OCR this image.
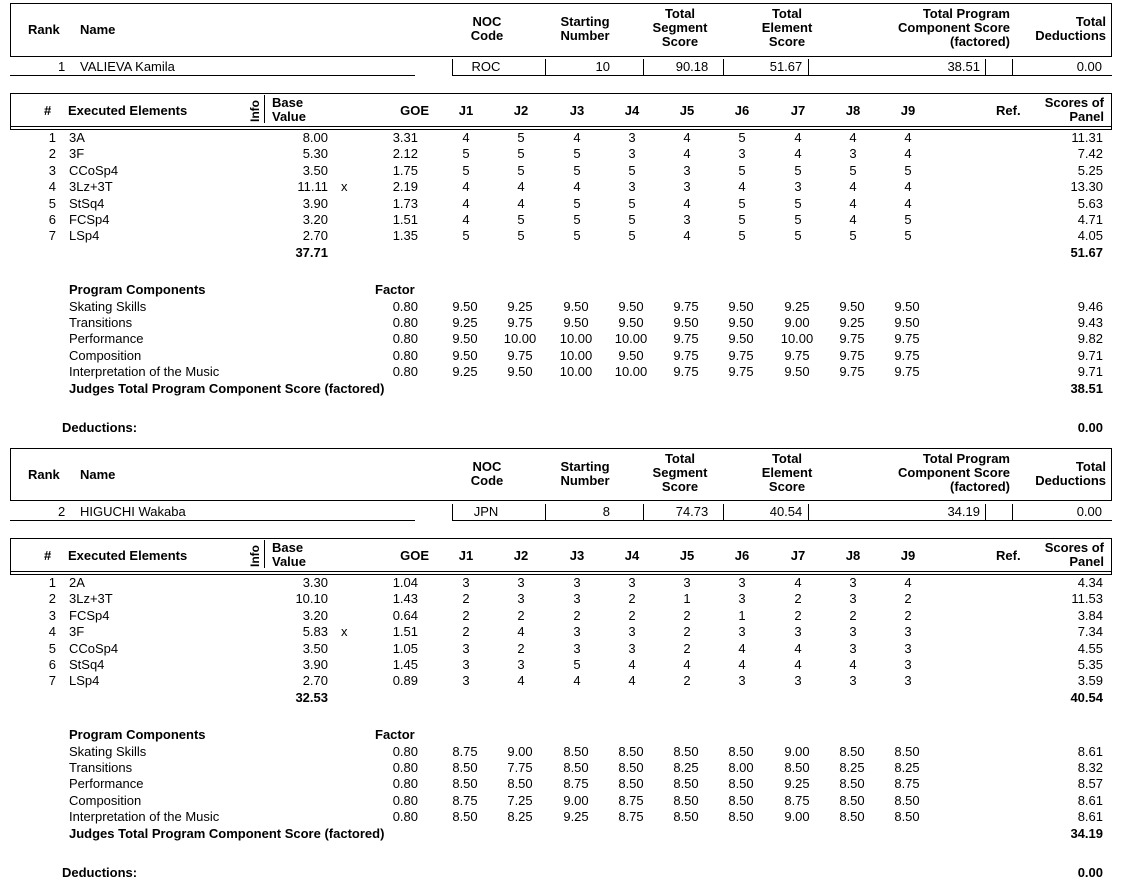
Rank	Name
NOC
Code
Starting
Number
Total
Segment
Score
Total
Element
Score
Total Program
Component Score
(factored)
Total
Deductions
1 VALIEVA Kamila	ROC	10	90.18	51.67	38.51	0.00
# Executed Elements	Info Base
Value	GOE	J1	J2	J3	J4	J5	J6	J7	J8	J9	Ref.
Scores of
Panel
1 3A	8.00	3.31	4	5	4	3	4	5	4	4	4	11.31
2 3F	5.30	2.12	5	5	5	3	4	3	4	3	4	7.42
3 CCoSp4	3.50	1.75	5	5	5	5	3	5	5	5	5	5.25
4 3Lz+3T	11.11 x	2.19	4	4	4	3	3	4	3	4	4	13.30
5 StSq4	3.90	1.73	4	4	5	5	4	5	5	4	4	5.63
6 FCSp4	3.20	1.51	4	5	5	5	3	5	5	4	5	4.71
7 LSp4	2.70	1.35	5	5	5	5	4	5	5	5	5	4.05
37.71	51.67
Program Components	Factor
Skating Skills	0.80	9.50	9.25	9.50	9.50	9.75	9.50	9.25	9.50	9.50	9.46
Transitions	0.80	9.25	9.75	9.50	9.50	9.50	9.50	9.00	9.25	9.50	9.43
Performance	0.80	9.50	10.00	10.00	10.00	9.75	9.50	10.00	9.75	9.75	9.82
Composition	0.80	9.50	9.75	10.00	9.50	9.75	9.75	9.75	9.75	9.75	9.71
Interpretation of the Music	0.80	9.25	9.50	10.00	10.00	9.75	9.75	9.50	9.75	9.75	9.71
Judges Total Program Component Score (factored)	38.51
Deductions:	0.00
Rank	Name
NOC
Code
Starting
Number
Total
Segment
Score
Total
Element
Score
Total Program
Component Score
(factored)
Total
Deductions
2 HIGUCHI Wakaba	JPN	8	74.73	40.54	34.19	0.00
# Executed Elements	Info Base
Value	GOE	J1	J2	J3	J4	J5	J6	J7	J8	J9	Ref.
Scores of
Panel
1 2A	3.30	1.04	3	3	3	3	3	3	4	3	4	4.34
2 3Lz+3T	10.10	1.43	2	3	3	2	1	3	2	3	2	11.53
3 FCSp4	3.20	0.64	2	2	2	2	2	1	2	2	2	3.84
4 3F	5.83 x	1.51	2	4	3	3	2	3	3	3	3	7.34
5 CCoSp4	3.50	1.05	3	2	3	3	2	4	4	3	3	4.55
6 StSq4	3.90	1.45	3	3	5	4	4	4	4	4	3	5.35
7 LSp4	2.70	0.89	3	4	4	4	2	3	3	3	3	3.59
32.53	40.54
Program Components	Factor
Skating Skills	0.80	8.75	9.00	8.50	8.50	8.50	8.50	9.00	8.50	8.50	8.61
Transitions	0.80	8.50	7.75	8.50	8.50	8.25	8.00	8.50	8.25	8.25	8.32
Performance	0.80	8.50	8.50	8.75	8.50	8.50	8.50	9.25	8.50	8.75	8.57
Composition	0.80	8.75	7.25	9.00	8.75	8.50	8.50	8.75	8.50	8.50	8.61
Interpretation of the Music	0.80	8.50	8.25	9.25	8.75	8.50	8.50	9.00	8.50	8.50	8.61
Judges Total Program Component Score (factored)	34.19
Deductions:	0.00
